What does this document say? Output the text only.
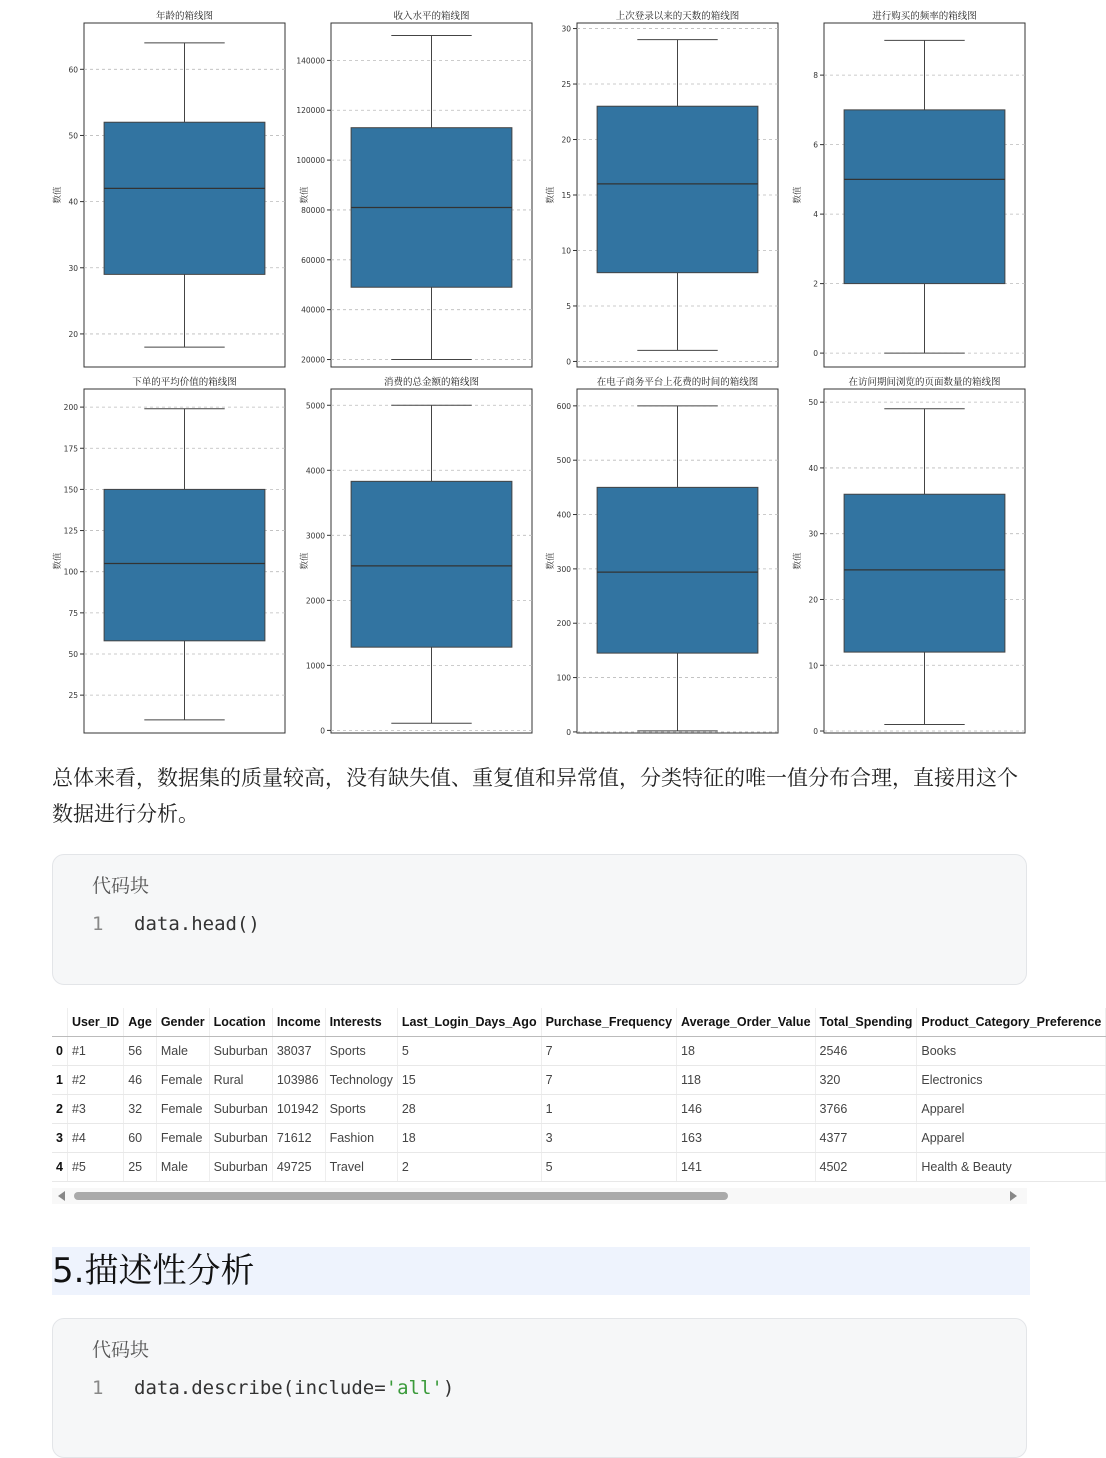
20
30
40
50
60
年龄的箱线图
数值
20000
40000
60000
80000
100000
120000
140000
收入水平的箱线图
数值
0
5
10
15
20
25
30
上次登录以来的天数的箱线图
数值
0
2
4
6
8
进行购买的频率的箱线图
数值
25
50
75
100
125
150
175
200
下单的平均价值的箱线图
数值
0
1000
2000
3000
4000
5000
消费的总金额的箱线图
数值
0
100
200
300
400
500
600
在电子商务平台上花费的时间的箱线图
数值
0
10
20
30
40
50
在访问期间浏览的页面数量的箱线图
数值

总体来看，数据集的质量较高，没有缺失值、重复值和异常值，分类特征的唯一值分布合理，直接用这个数据进行分析。

代码块
1 data.head()
	User_ID	Age	Gender	Location	Income	Interests	Last_Login_Days_Ago	Purchase_Frequency	Average_Order_Value	Total_Spending	Product_Category_Preference
0	#1	56	Male	Suburban	38037	Sports	5	7	18	2546	Books
1	#2	46	Female	Rural	103986	Technology	15	7	118	320	Electronics
2	#3	32	Female	Suburban	101942	Sports	28	1	146	3766	Apparel
3	#4	60	Female	Suburban	71612	Fashion	18	3	163	4377	Apparel
4	#5	25	Male	Suburban	49725	Travel	2	5	141	4502	Health & Beauty
5.描述性分析
代码块
1 data.describe(include='all')
